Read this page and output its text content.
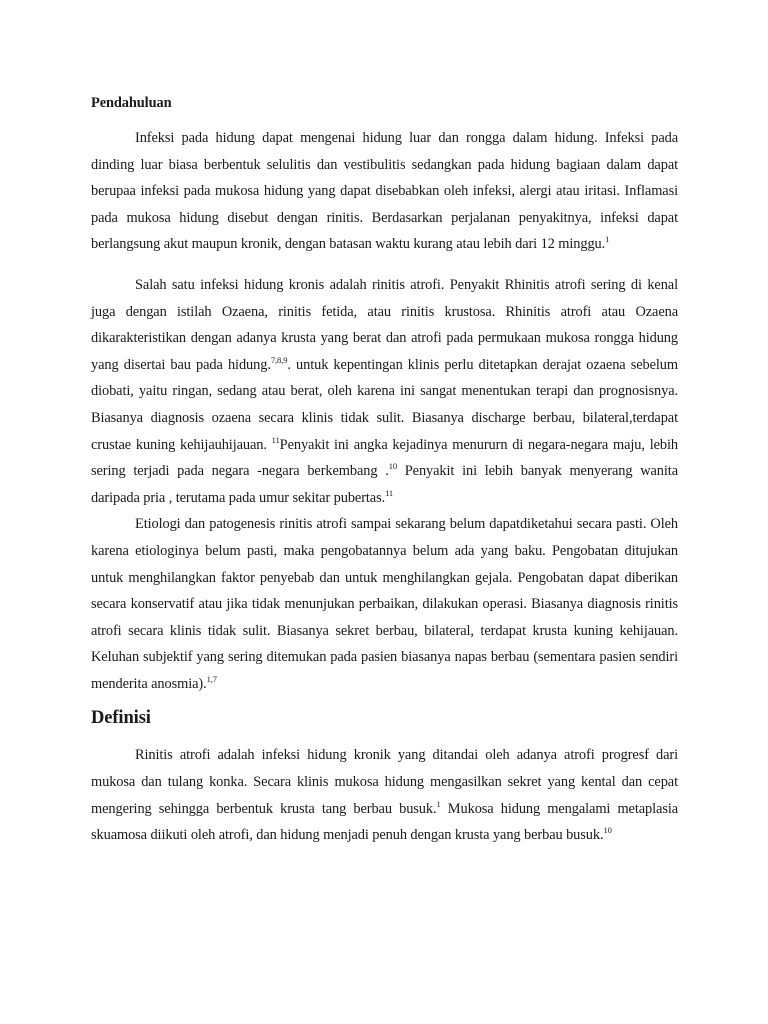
Pendahuluan

Infeksi pada hidung dapat mengenai hidung luar dan rongga dalam hidung. Infeksi pada dinding luar biasa berbentuk selulitis dan vestibulitis sedangkan pada hidung bagiaan dalam dapat berupaa infeksi pada mukosa hidung yang dapat disebabkan oleh infeksi, alergi atau iritasi. Inflamasi pada mukosa hidung disebut dengan rinitis. Berdasarkan perjalanan penyakitnya, infeksi dapat berlangsung akut maupun kronik, dengan batasan waktu kurang atau lebih dari 12 minggu.$^1$

Salah satu infeksi hidung kronis adalah rinitis atrofi. Penyakit Rhinitis atrofi sering di kenal juga dengan istilah Ozaena, rinitis fetida, atau rinitis krustosa. Rhinitis atrofi atau Ozaena dikarakteristikan dengan adanya krusta yang berat dan atrofi pada permukaan mukosa rongga hidung yang disertai bau pada hidung.$^{7,8,9}$. untuk kepentingan klinis perlu ditetapkan derajat ozaena sebelum diobati, yaitu ringan, sedang atau berat, oleh karena ini sangat menentukan terapi dan prognosisnya. Biasanya diagnosis ozaena secara klinis tidak sulit. Biasanya discharge berbau, bilateral,terdapat crustae kuning kehijauhijauan. $^{11}$Penyakit ini angka kejadinya menururn di negara-negara maju, lebih sering terjadi pada negara -negara berkembang .$^{10}$ Penyakit ini lebih banyak menyerang wanita daripada pria , terutama pada umur sekitar pubertas.$^{11}$

Etiologi dan patogenesis rinitis atrofi sampai sekarang belum dapatdiketahui secara pasti. Oleh karena etiologinya belum pasti, maka pengobatannya belum ada yang baku. Pengobatan ditujukan untuk menghilangkan faktor penyebab dan untuk menghilangkan gejala. Pengobatan dapat diberikan secara konservatif atau jika tidak menunjukan perbaikan, dilakukan operasi. Biasanya diagnosis rinitis atrofi secara klinis tidak sulit. Biasanya sekret berbau, bilateral, terdapat krusta kuning kehijauan. Keluhan subjektif yang sering ditemukan pada pasien biasanya napas berbau (sementara pasien sendiri menderita anosmia).$^{1,7}$

Definisi

Rinitis atrofi adalah infeksi hidung kronik yang ditandai oleh adanya atrofi progresf dari mukosa dan tulang konka. Secara klinis mukosa hidung mengasilkan sekret yang kental dan cepat mengering sehingga berbentuk krusta tang berbau busuk.$^1$ Mukosa hidung mengalami metaplasia skuamosa diikuti oleh atrofi, dan hidung menjadi penuh dengan krusta yang berbau busuk.$^{10}$
